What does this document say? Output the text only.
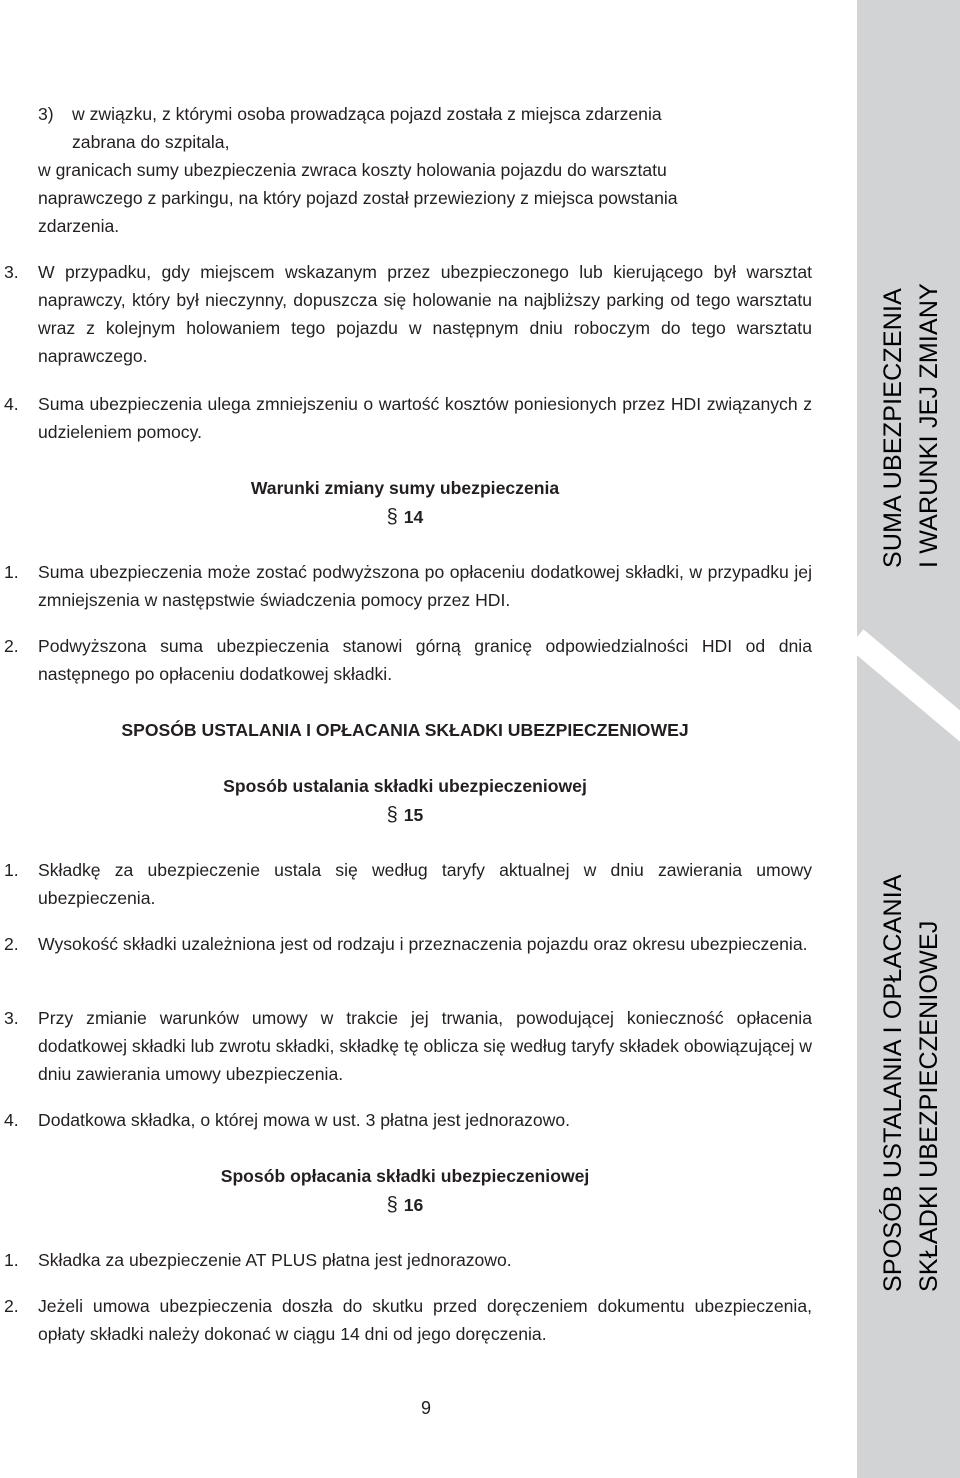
3) w związku, z którymi osoba prowadząca pojazd została z miejsca zdarzenia
zabrana do szpitala,
w granicach sumy ubezpieczenia zwraca koszty holowania pojazdu do warsztatu
naprawczego z parkingu, na który pojazd został przewieziony z miejsca powstania
zdarzenia.
3. W przypadku, gdy miejscem wskazanym przez ubezpieczonego lub kierującego był warsztat naprawczy, który był nieczynny, dopuszcza się holowanie na najbliższy parking od tego warsztatu wraz z kolejnym holowaniem tego pojazdu w następnym dniu roboczym do tego warsztatu naprawczego.
4. Suma ubezpieczenia ulega zmniejszeniu o wartość kosztów poniesionych przez HDI związanych z udzieleniem pomocy.
Warunki zmiany sumy ubezpieczenia
§ 14
1. Suma ubezpieczenia może zostać podwyższona po opłaceniu dodatkowej składki, w przypadku jej zmniejszenia w następstwie świadczenia pomocy przez HDI.
2. Podwyższona suma ubezpieczenia stanowi górną granicę odpowiedzialności HDI od dnia następnego po opłaceniu dodatkowej składki.
SPOSÓB USTALANIA I OPŁACANIA SKŁADKI UBEZPIECZENIOWEJ
Sposób ustalania składki ubezpieczeniowej
§ 15
1. Składkę za ubezpieczenie ustala się według taryfy aktualnej w dniu zawierania umowy ubezpieczenia.
2. Wysokość składki uzależniona jest od rodzaju i przeznaczenia pojazdu oraz okresu ubezpieczenia.
3. Przy zmianie warunków umowy w trakcie jej trwania, powodującej konieczność opłacenia dodatkowej składki lub zwrotu składki, składkę tę oblicza się według taryfy składek obowiązującej w dniu zawierania umowy ubezpieczenia.
4. Dodatkowa składka, o której mowa w ust. 3 płatna jest jednorazowo.
Sposób opłacania składki ubezpieczeniowej
§ 16
1. Składka za ubezpieczenie AT PLUS płatna jest jednorazowo.
2. Jeżeli umowa ubezpieczenia doszła do skutku przed doręczeniem dokumentu ubezpieczenia, opłaty składki należy dokonać w ciągu 14 dni od jego doręczenia.
9
SUMA UBEZPIECZENIA I WARUNKI JEJ ZMIANY
SPOSÓB USTALANIA I OPŁACANIA SKŁADKI UBEZPIECZENIOWEJ
